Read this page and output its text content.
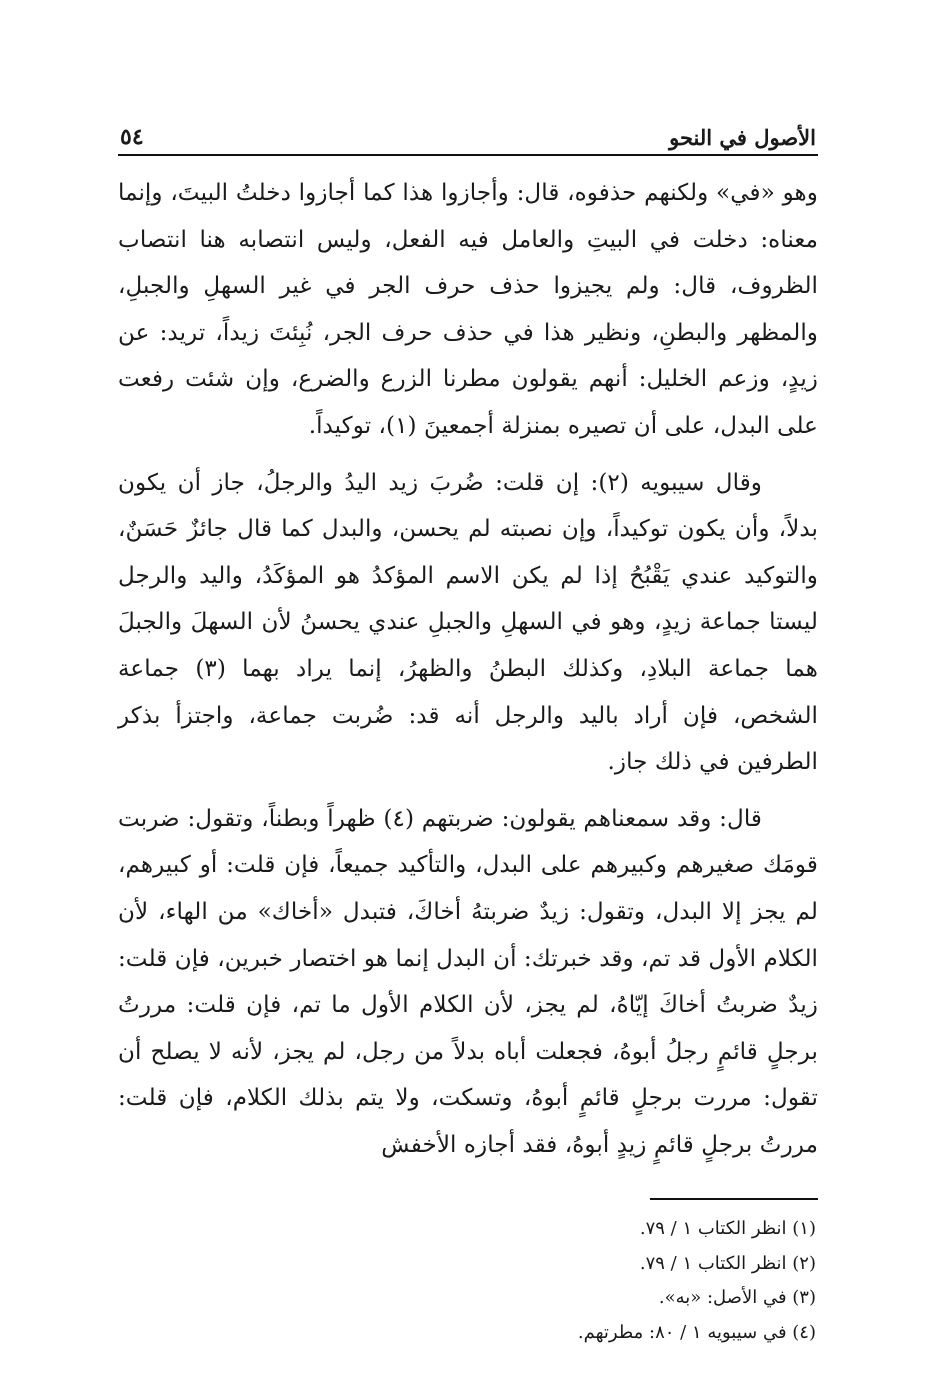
الأصول في النحو
٥٤

وهو «في» ولكنهم حذفوه، قال: وأجازوا هذا كما أجازوا دخلتُ البيتَ، وإنما معناه: دخلت في البيتِ والعامل فيه الفعل، وليس انتصابه هنا انتصاب الظروف، قال: ولم يجيزوا حذف حرف الجر في غير السهلِ والجبلِ، والمظهر والبطنِ، ونظير هذا في حذف حرف الجر، نُبِئتَ زيداً، تريد: عن زيدٍ، وزعم الخليل: أنهم يقولون مطرنا الزرع والضرع، وإن شئت رفعت على البدل، على أن تصيره بمنزلة أجمعينَ (١)، توكيداً.

وقال سيبويه (٢): إن قلت: ضُربَ زيد اليدُ والرجلُ، جاز أن يكون بدلاً، وأن يكون توكيداً، وإن نصبته لم يحسن، والبدل كما قال جائزٌ حَسَنٌ، والتوكيد عندي يَقْبُحُ إذا لم يكن الاسم المؤكدُ هو المؤكَدُ، واليد والرجل ليستا جماعة زيدٍ، وهو في السهلِ والجبلِ عندي يحسنُ لأن السهلَ والجبلَ هما جماعة البلادِ، وكذلك البطنُ والظهرُ، إنما يراد بهما (٣) جماعة الشخص، فإن أراد باليد والرجل أنه قد: ضُربت جماعة، واجتزأ بذكر الطرفين في ذلك جاز.

قال: وقد سمعناهم يقولون: ضربتهم (٤) ظهراً وبطناً، وتقول: ضربت قومَك صغيرهم وكبيرهم على البدل، والتأكيد جميعاً، فإن قلت: أو كبيرهم، لم يجز إلا البدل، وتقول: زيدٌ ضربتهُ أخاكَ، فتبدل «أخاك» من الهاء، لأن الكلام الأول قد تم، وقد خبرتك: أن البدل إنما هو اختصار خبرين، فإن قلت: زيدٌ ضربتُ أخاكَ إيّاهُ، لم يجز، لأن الكلام الأول ما تم، فإن قلت: مررتُ برجلٍ قائمٍ رجلُ أبوهُ، فجعلت أباه بدلاً من رجل، لم يجز، لأنه لا يصلح أن تقول: مررت برجلٍ قائمٍ أبوهُ، وتسكت، ولا يتم بذلك الكلام، فإن قلت: مررتُ برجلٍ قائمٍ زيدٍ أبوهُ، فقد أجازه الأخفش

(١) انظر الكتاب ١ / ٧٩.

(٢) انظر الكتاب ١ / ٧٩.

(٣) في الأصل: «به».

(٤) في سيبويه ١ / ٨٠: مطرتهم.
